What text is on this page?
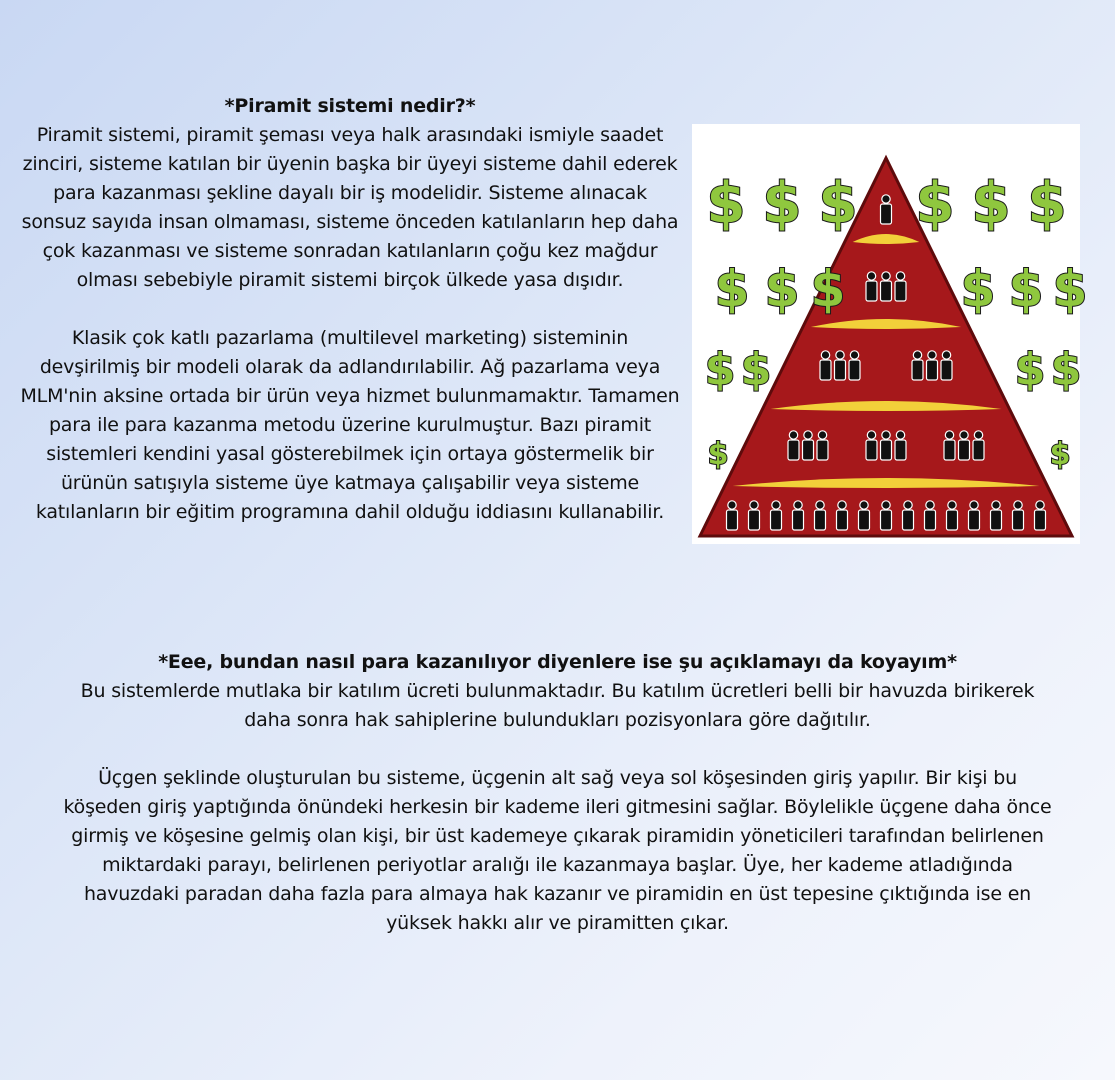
*Piramit sistemi nedir?*

Piramit sistemi, piramit şeması veya halk arasındaki ismiyle saadet zinciri, sisteme katılan bir üyenin başka bir üyeyi sisteme dahil ederek para kazanması şekline dayalı bir iş modelidir. Sisteme alınacak sonsuz sayıda insan olmaması, sisteme önceden katılanların hep daha çok kazanması ve sisteme sonradan katılanların çoğu kez mağdur olması sebebiyle piramit sistemi birçok ülkede yasa dışıdır.

Klasik çok katlı pazarlama (multilevel marketing) sisteminin devşirilmiş bir modeli olarak da adlandırılabilir. Ağ pazarlama veya MLM'nin aksine ortada bir ürün veya hizmet bulunmamaktır. Tamamen para ile para kazanma metodu üzerine kurulmuştur. Bazı piramit sistemleri kendini yasal gösterebilmek için ortaya göstermelik bir ürünün satışıyla sisteme üye katmaya çalışabilir veya sisteme katılanların bir eğitim programına dahil olduğu iddiasını kullanabilir.

$ $ $ $ $ $
$ $ $ $ $ $
$ $	$ $
$	$

*Eee, bundan nasıl para kazanılıyor diyenlere ise şu açıklamayı da koyayım*

Bu sistemlerde mutlaka bir katılım ücreti bulunmaktadır. Bu katılım ücretleri belli bir havuzda birikerek daha sonra hak sahiplerine bulundukları pozisyonlara göre dağıtılır.

Üçgen şeklinde oluşturulan bu sisteme, üçgenin alt sağ veya sol köşesinden giriş yapılır. Bir kişi bu köşeden giriş yaptığında önündeki herkesin bir kademe ileri gitmesini sağlar. Böylelikle üçgene daha önce girmiş ve köşesine gelmiş olan kişi, bir üst kademeye çıkarak piramidin yöneticileri tarafından belirlenen miktardaki parayı, belirlenen periyotlar aralığı ile kazanmaya başlar. Üye, her kademe atladığında havuzdaki paradan daha fazla para almaya hak kazanır ve piramidin en üst tepesine çıktığında ise en yüksek hakkı alır ve piramitten çıkar.
